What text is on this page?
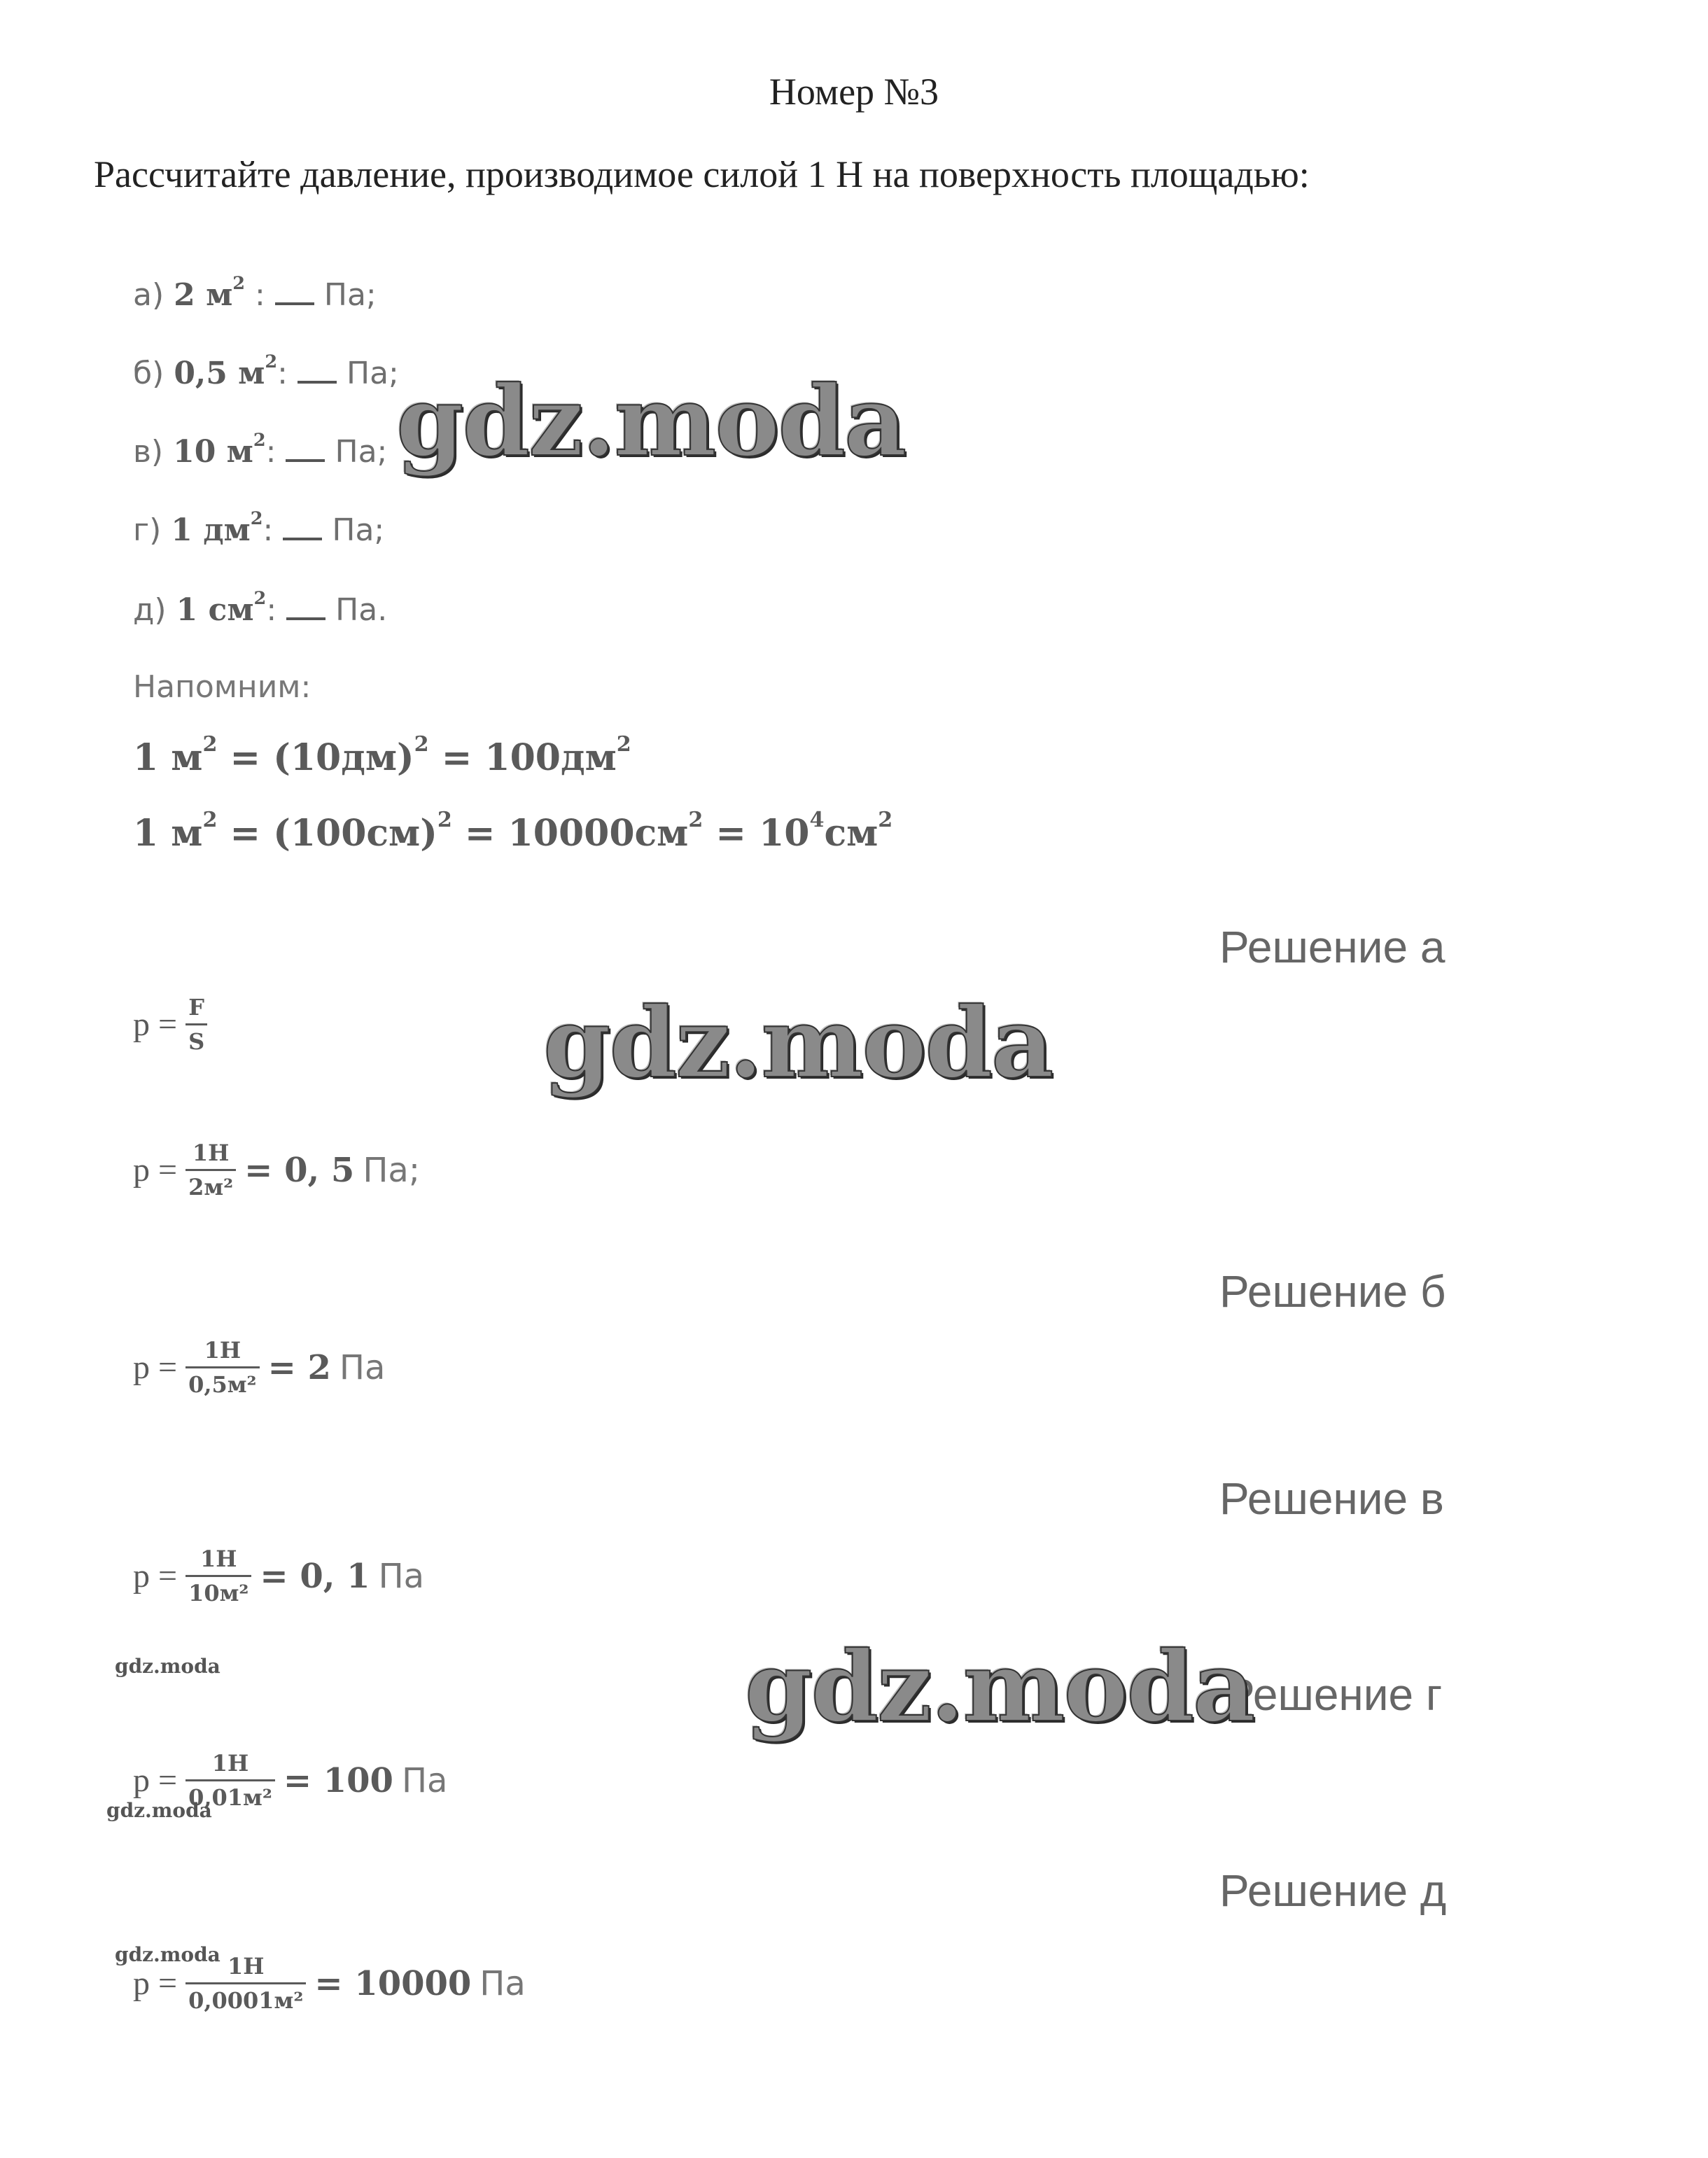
Номер №3
Рассчитайте давление, производимое силой 1 Н на поверхность площадью:
а) 2 $м^2$ : Па;
б) 0,5 $м^2$: Па;
в) 10 $м^2$: Па;
г) 1 $дм^2$: Па;
д) 1 $см^2$: Па.
Напомним:
1 $м^2 = (10дм)^2 = 100дм^2$
1 $м^2 = (100см)^2 = 10000см^2 = 10^4см^2$
Решение а
$p = \frac{F}{S}$
$p = \frac{1Н}{\text{2м²}} = 0$, 5 Па;
Решение б
$p = \frac{1Н}{\text{0,5м²}} = 2$ Па
Решение в
$p = \frac{1Н}{\text{10м²}} = 0$, 1 Па
Решение г
$p = \frac{1Н}{\text{0,01м²}} = 100$ Па
Решение д
$p = \frac{1Н}{\text{0,0001м²}} = 10000$ Па
gdz.moda
gdz.moda
gdz.moda
gdz.moda
gdz.moda
gdz.moda
